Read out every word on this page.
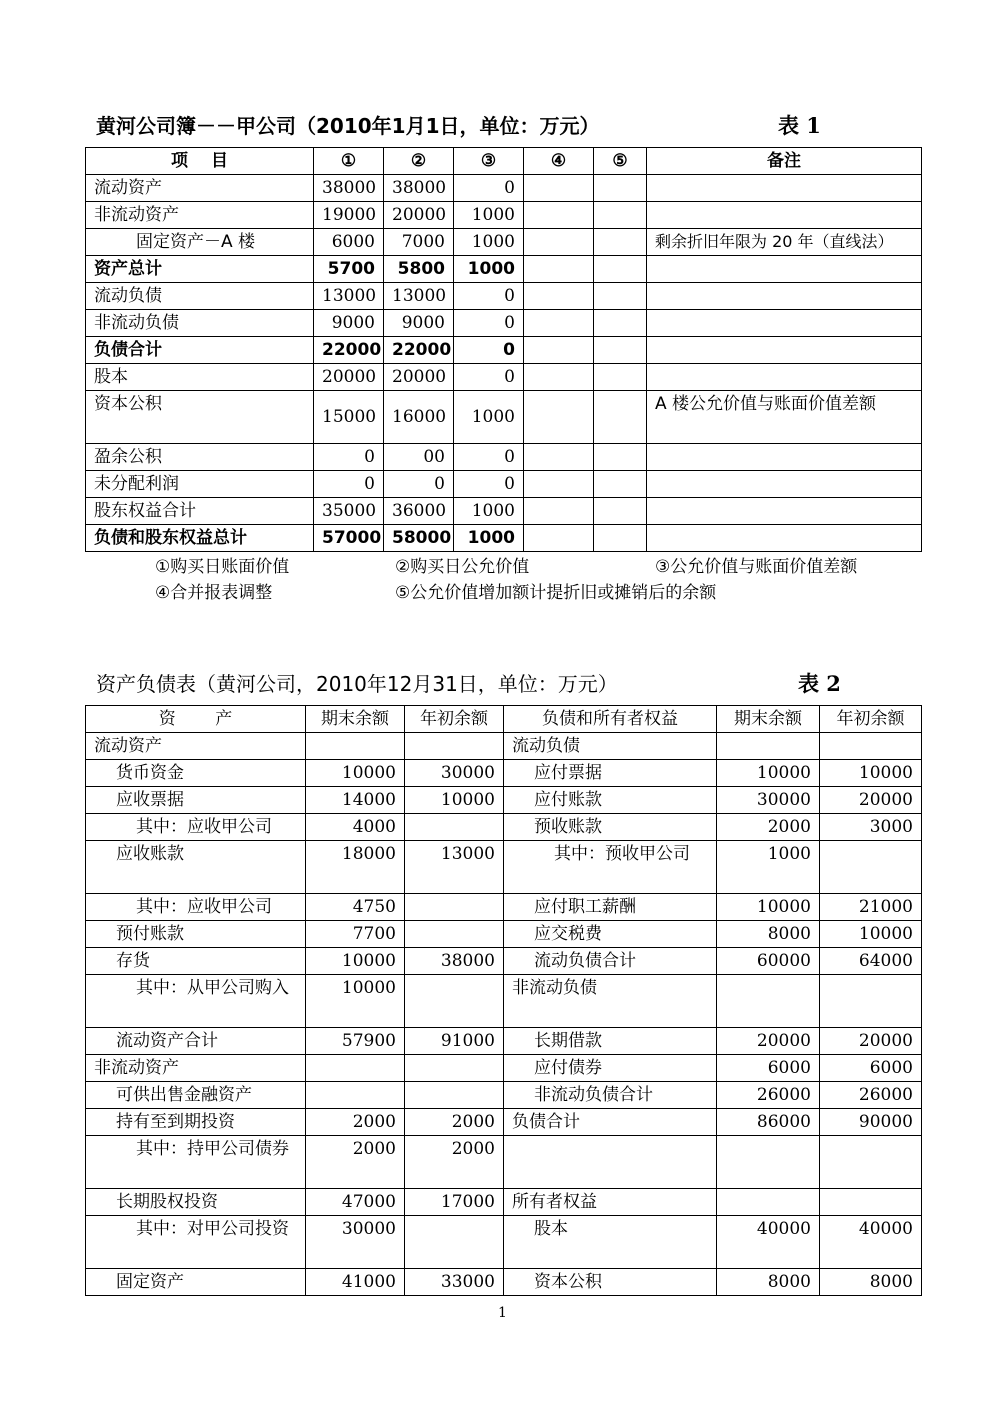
黄河公司簿－－甲公司（2010年1月1日，单位：万元）	表 1
项　 目	①	②	③	④	⑤	备注
流动资产	38000	38000	0			
非流动资产	19000	20000	1000			
固定资产－A 楼	6000	7000	1000			剩余折旧年限为 20 年（直线法）
资产总计	5700	5800	1000			
流动负债	13000	13000	0			
非流动负债	9000	9000	0			
负债合计	22000	22000	0			
股本	20000	20000	0			
资本公积	15000	16000	1000			A 楼公允价值与账面价值差额
盈余公积	0	00	0			
未分配利润	0	0	0			
股东权益合计	35000	36000	1000			
负债和股东权益总计	57000	58000	1000			
①购买日账面价值	②购买日公允价值	③公允价值与账面价值差额
④合并报表调整	⑤公允价值增加额计提折旧或摊销后的余额
资产负债表（黄河公司，2010年12月31日，单位：万元）	表 2
资　　 产	期末余额	年初余额	负债和所有者权益	期末余额	年初余额
流动资产			流动负债		
货币资金	10000	30000	应付票据	10000	10000
应收票据	14000	10000	应付账款	30000	20000
其中：应收甲公司	4000		预收账款	2000	3000
应收账款	18000	13000	其中：预收甲公司	1000	
其中：应收甲公司	4750		应付职工薪酬	10000	21000
预付账款	7700		应交税费	8000	10000
存货	10000	38000	流动负债合计	60000	64000
其中：从甲公司购入	10000		非流动负债		
流动资产合计	57900	91000	长期借款	20000	20000
非流动资产			应付债券	6000	6000
可供出售金融资产			非流动负债合计	26000	26000
持有至到期投资	2000	2000	负债合计	86000	90000
其中：持甲公司债券	2000	2000			
长期股权投资	47000	17000	所有者权益		
其中：对甲公司投资	30000		股本	40000	40000
固定资产	41000	33000	资本公积	8000	8000
1
